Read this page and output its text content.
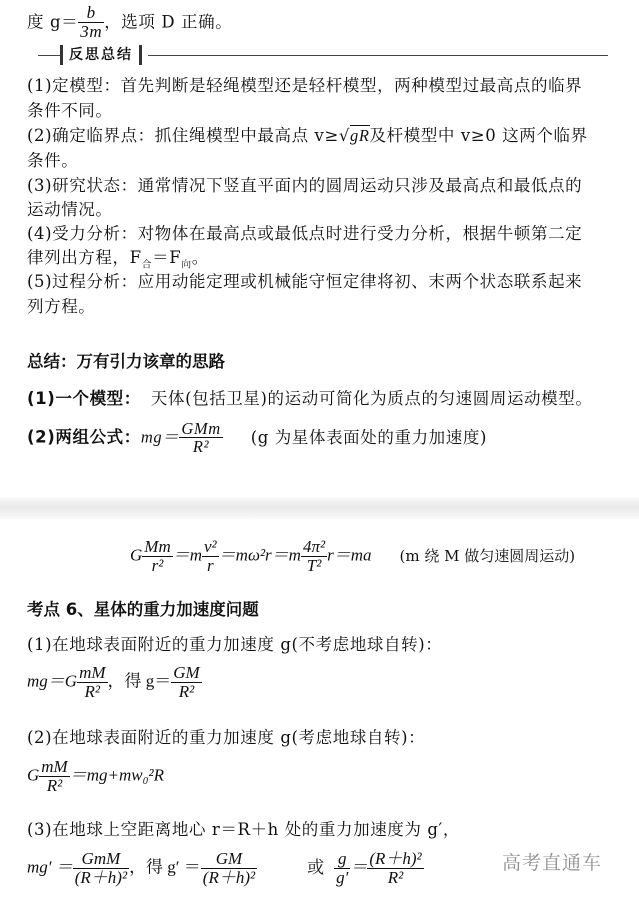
度 $g= \frac{b}{3m}$ ，选项 D 正确。
反思总结
(1)定模型：首先判断是轻绳模型还是轻杆模型，两种模型过最高点的临界
条件不同。
(2)确定临界点：抓住绳模型中最高点 v≥√gR及杆模型中 v≥0 这两个临界
条件。
(3)研究状态：通常情况下竖直平面内的圆周运动只涉及最高点和最低点的
运动情况。
(4)受力分析：对物体在最高点或最低点时进行受力分析，根据牛顿第二定
律列出方程，$F_合=F_向$。
(5)过程分析：应用动能定理或机械能守恒定律将初、末两个状态联系起来
列方程。
总结：万有引力该章的思路
(1)一个模型： 天体(包括卫星)的运动可简化为质点的匀速圆周运动模型。
(2)两组公式：$mg= \frac{\text{GMm}}{\text{R²}} (g$ 为星体表面处的重力加速度)
G $\frac{Mm}{\text{r²}} =m \frac{\text{v²}}{r} =m\omega^2r=m \frac{\text{4π²}}{\text{T²}} r=ma$ (m 绕 M 做匀速圆周运动)
考点 6、星体的重力加速度问题
(1)在地球表面附近的重力加速度 g(不考虑地球自转)：
$mg=G \frac{mM}{\text{R²}}$ ，得 $g= \frac{GM}{\text{R²}}$
(2)在地球表面附近的重力加速度 g(考虑地球自转)：
G $\frac{mM}{\text{R²}} =mg+mw_0^2R$
(3)在地球上空距离地心 r＝R＋h 处的重力加速度为 g′，
$mg' = \frac{\text{GmM}}{\text{(R＋h)²}}$ ，得 $g' = \frac{GM}{\text{(R＋h)²}}$	或 $\frac{g}{g'} = \frac{\text{(R＋h)²}}{\text{R²}}$	高考直通车
